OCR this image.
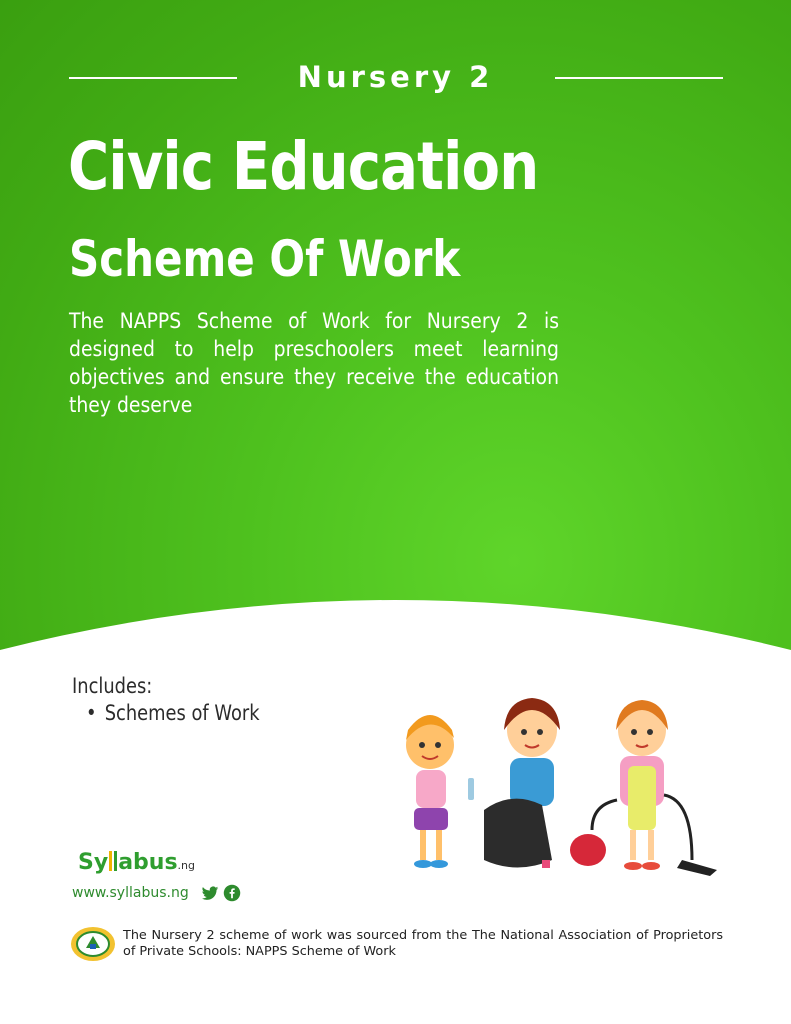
Nursery 2
Civic Education
Scheme Of Work
The NAPPS Scheme of Work for Nursery 2 is designed to help preschoolers meet learning objectives and ensure they receive the education they deserve
Includes:
• Schemes of Work
Sy abus.ng
www.syllabus.ng
The Nursery 2 scheme of work was sourced from the The National Association of Proprietors of Private Schools: NAPPS Scheme of Work
